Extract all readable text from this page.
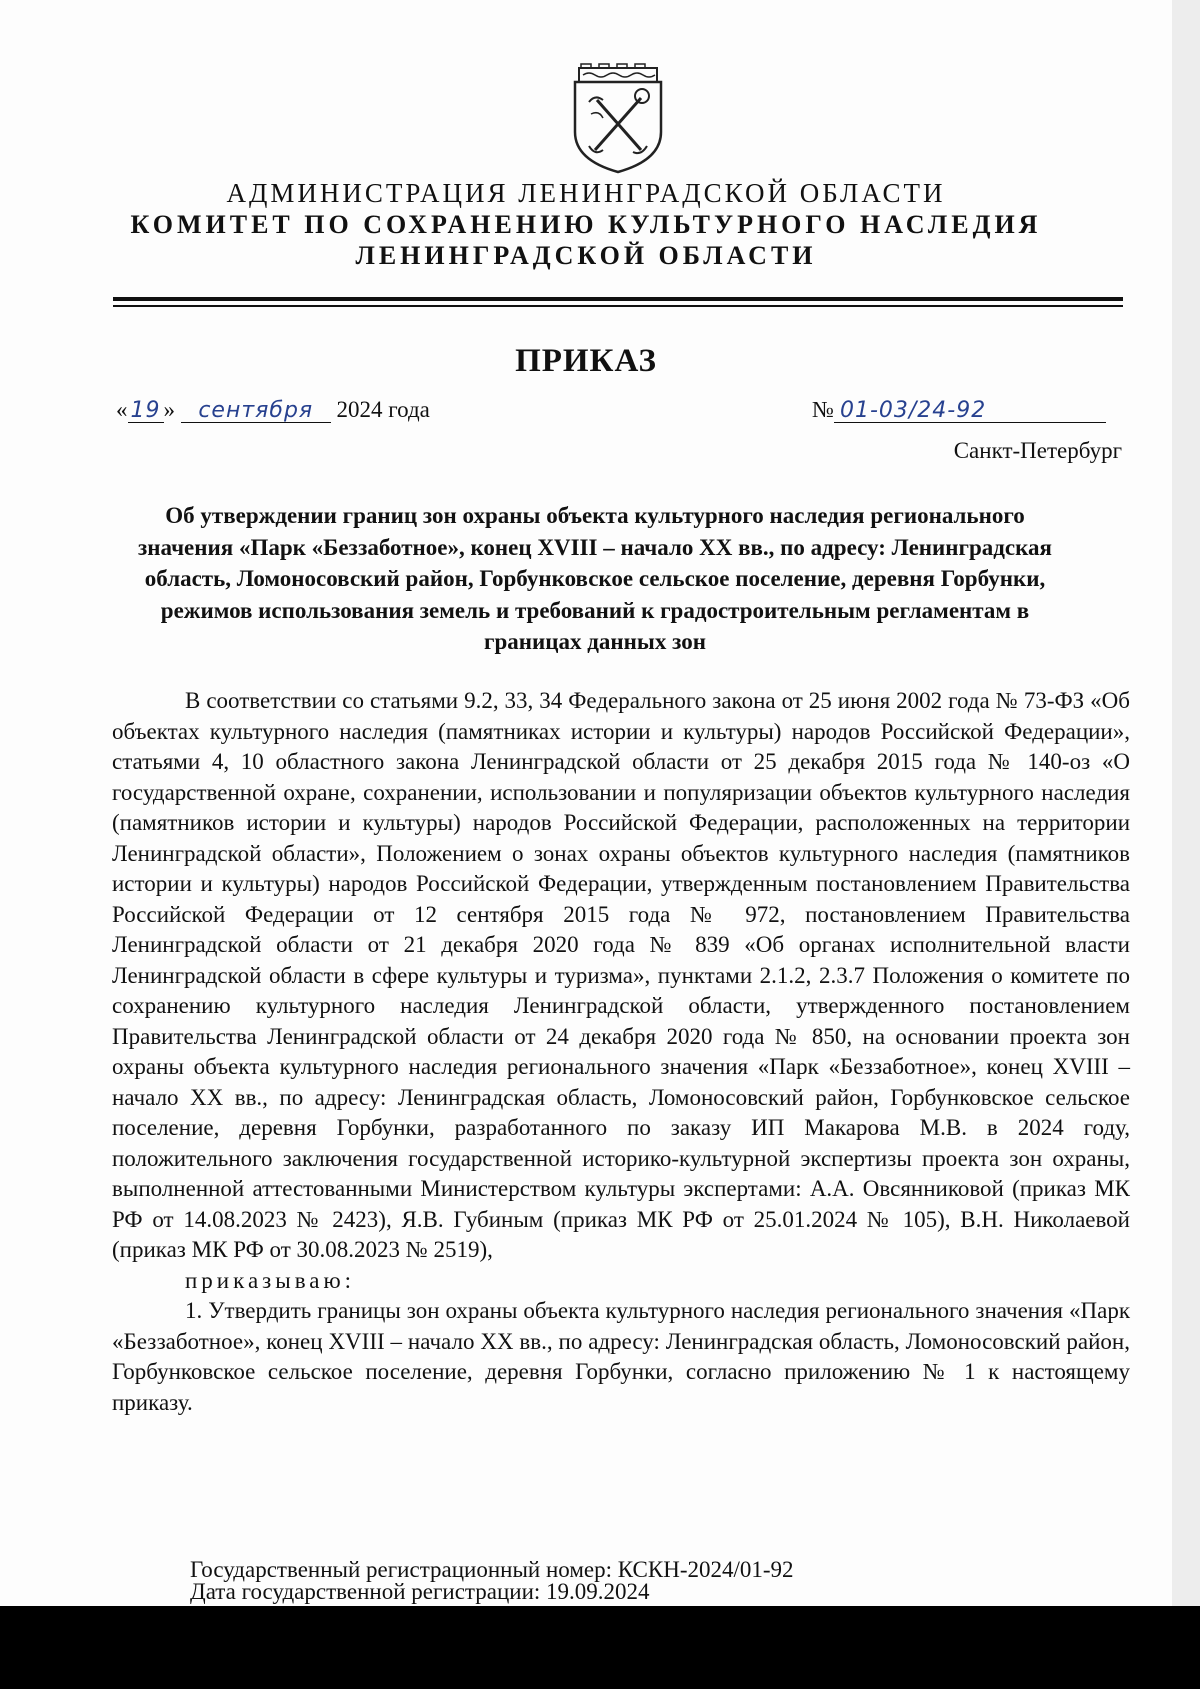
АДМИНИСТРАЦИЯ ЛЕНИНГРАДСКОЙ ОБЛАСТИ
КОМИТЕТ ПО СОХРАНЕНИЮ КУЛЬТУРНОГО НАСЛЕДИЯ
ЛЕНИНГРАДСКОЙ ОБЛАСТИ
ПРИКАЗ
« 19 » сентября 2024 года	№ 01-03/24-92
Санкт-Петербург
Об утверждении границ зон охраны объекта культурного наследия регионального значения «Парк «Беззаботное», конец XVIII – начало XX вв., по адресу: Ленинградская область, Ломоносовский район, Горбунковское сельское поселение, деревня Горбунки, режимов использования земель и требований к градостроительным регламентам в границах данных зон

В соответствии со статьями 9.2, 33, 34 Федерального закона от 25 июня 2002 года № 73-ФЗ «Об объектах культурного наследия (памятниках истории и культуры) народов Российской Федерации», статьями 4, 10 областного закона Ленинградской области от 25 декабря 2015 года № 140-оз «О государственной охране, сохранении, использовании и популяризации объектов культурного наследия (памятников истории и культуры) народов Российской Федерации, расположенных на территории Ленинградской области», Положением о зонах охраны объектов культурного наследия (памятников истории и культуры) народов Российской Федерации, утвержденным постановлением Правительства Российской Федерации от 12 сентября 2015 года № 972, постановлением Правительства Ленинградской области от 21 декабря 2020 года № 839 «Об органах исполнительной власти Ленинградской области в сфере культуры и туризма», пунктами 2.1.2, 2.3.7 Положения о комитете по сохранению культурного наследия Ленинградской области, утвержденного постановлением Правительства Ленинградской области от 24 декабря 2020 года № 850, на основании проекта зон охраны объекта культурного наследия регионального значения «Парк «Беззаботное», конец XVIII – начало XX вв., по адресу: Ленинградская область, Ломоносовский район, Горбунковское сельское поселение, деревня Горбунки, разработанного по заказу ИП Макарова М.В. в 2024 году, положительного заключения государственной историко-культурной экспертизы проекта зон охраны, выполненной аттестованными Министерством культуры экспертами: А.А. Овсянниковой (приказ МК РФ от 14.08.2023 № 2423), Я.В. Губиным (приказ МК РФ от 25.01.2024 № 105), В.Н. Николаевой (приказ МК РФ от 30.08.2023 № 2519),

приказываю:

1. Утвердить границы зон охраны объекта культурного наследия регионального значения «Парк «Беззаботное», конец XVIII – начало XX вв., по адресу: Ленинградская область, Ломоносовский район, Горбунковское сельское поселение, деревня Горбунки, согласно приложению № 1 к настоящему приказу.

Государственный регистрационный номер: КСКН-2024/01-92
Дата государственной регистрации: 19.09.2024
